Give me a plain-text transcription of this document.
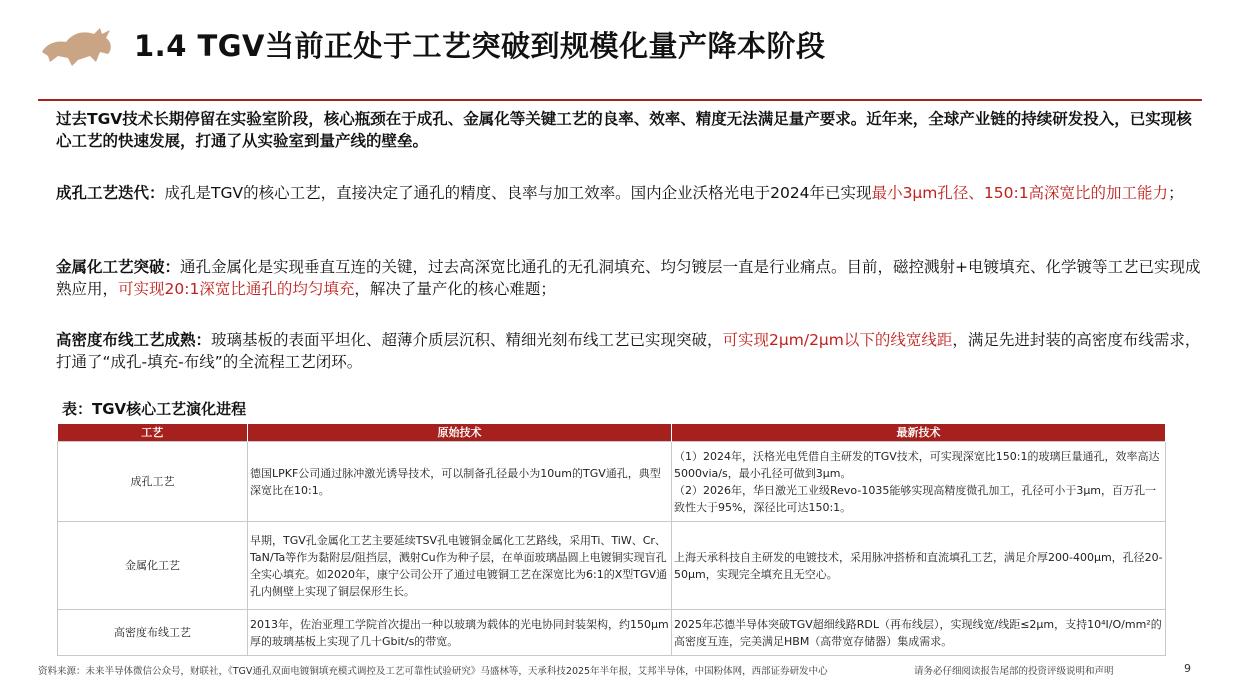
1.4 TGV当前正处于工艺突破到规模化量产降本阶段
过去TGV技术长期停留在实验室阶段，核心瓶颈在于成孔、金属化等关键工艺的良率、效率、精度无法满足量产要求。近年来，全球产业链的持续研发投入，已实现核心工艺的快速发展，打通了从实验室到量产线的壁垒。
成孔工艺迭代：成孔是TGV的核心工艺，直接决定了通孔的精度、良率与加工效率。国内企业沃格光电于2024年已实现最小3μm孔径、150:1高深宽比的加工能力；
金属化工艺突破：通孔金属化是实现垂直互连的关键，过去高深宽比通孔的无孔洞填充、均匀镀层一直是行业痛点。目前，磁控溅射+电镀填充、化学镀等工艺已实现成熟应用，可实现20:1深宽比通孔的均匀填充，解决了量产化的核心难题；
高密度布线工艺成熟：玻璃基板的表面平坦化、超薄介质层沉积、精细光刻布线工艺已实现突破，可实现2μm/2μm以下的线宽线距，满足先进封装的高密度布线需求，打通了“成孔-填充-布线”的全流程工艺闭环。
表：TGV核心工艺演化进程
工艺	原始技术	最新技术
成孔工艺	德国LPKF公司通过脉冲激光诱导技术，可以制备孔径最小为10um的TGV通孔，典型深宽比在10:1。	（1）2024年，沃格光电凭借自主研发的TGV技术，可实现深宽比150:1的玻璃巨量通孔，效率高达5000via/s，最小孔径可做到3μm。
（2）2026年，华日激光工业级Revo-1035能够实现高精度微孔加工，孔径可小于3μm，百万孔一致性大于95%，深径比可达150:1。
金属化工艺	早期，TGV孔金属化工艺主要延续TSV孔电镀铜金属化工艺路线，采用Ti、TiW、Cr、TaN/Ta等作为黏附层/阻挡层，溅射Cu作为种子层，在单面玻璃晶圆上电镀铜实现盲孔全实心填充。如2020年，康宁公司公开了通过电镀铜工艺在深宽比为6:1的X型TGV通孔内侧壁上实现了铜层保形生长。	上海天承科技自主研发的电镀技术，采用脉冲搭桥和直流填孔工艺，满足介厚200-400μm，孔径20-50μm，实现完全填充且无空心。
高密度布线工艺	2013年，佐治亚理工学院首次提出一种以玻璃为载体的光电协同封装架构，约150μm厚的玻璃基板上实现了几十Gbit/s的带宽。	2025年芯德半导体突破TGV超细线路RDL（再布线层），实现线宽/线距≤2μm，支持10⁴I/O/mm²的高密度互连，完美满足HBM（高带宽存储器）集成需求。
资料来源：未来半导体微信公众号，财联社，《TGV通孔双面电镀铜填充模式调控及工艺可靠性试验研究》马盛林等，天承科技2025年半年报，艾邦半导体，中国粉体网，西部证券研发中心	请务必仔细阅读报告尾部的投资评级说明和声明	9
